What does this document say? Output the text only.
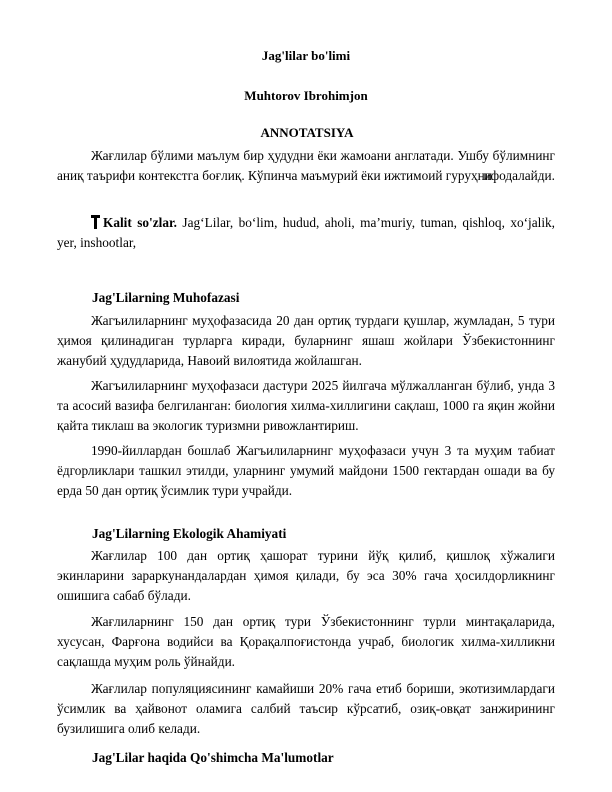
Jag'lilar bo'limi
Muhtorov Ibrohimjon
ANNOTATSIYA
Жағлилар бўлими маълум бир ҳудудни ёки жамоани англатади. Ушбу бўлимнинг аниқ таърифи контекстга боғлиқ. Кўпинча маъмурий ёки ижтимоий гуруҳни
ифодалайди.
Kalit so'zlar. Jag‘Lilar, bo‘lim, hudud, aholi, ma’muriy, tuman, qishloq, xo‘jalik, yer, inshootlar,
Jag'Lilarning Muhofazasi
Жагъилиларнинг муҳофазасида 20 дан ортиқ турдаги қушлар, жумладан, 5 тури ҳимоя қилинадиган турларга киради, буларнинг яшаш жойлари Ўзбекистоннинг жанубий ҳудудларида, Навоий вилоятида жойлашган.
Жагъилиларнинг муҳофазаси дастури 2025 йилгача мўлжалланган бўлиб, унда 3 та асосий вазифа белгиланган: биология хилма-хиллигини сақлаш, 1000 га яқин жойни қайта тиклаш ва экологик туризмни ривожлантириш.
1990-йиллардан бошлаб Жагъилиларнинг муҳофазаси учун 3 та муҳим табиат ёдгорликлари ташкил этилди, уларнинг умумий майдони 1500 гектардан ошади ва бу ерда 50 дан ортиқ ўсимлик тури учрайди.
Jag'Lilarning Ekologik Ahamiyati
Жағлилар 100 дан ортиқ ҳашорат турини йўқ қилиб, қишлоқ хўжалиги экинларини зараркунандалардан ҳимоя қилади, бу эса 30% гача ҳосилдорликнинг ошишига сабаб бўлади.
Жағлиларнинг 150 дан ортиқ тури Ўзбекистоннинг турли минтақаларида, хусусан, Фарғона водийси ва Қорақалпоғистонда учраб, биологик хилма-хилликни сақлашда муҳим роль ўйнайди.
Жағлилар популяциясининг камайиши 20% гача етиб бориши, экотизимлардаги ўсимлик ва ҳайвонот оламига салбий таъсир кўрсатиб, озиқ-овқат занжирининг бузилишига олиб келади.
Jag'Lilar haqida Qo'shimcha Ma'lumotlar
